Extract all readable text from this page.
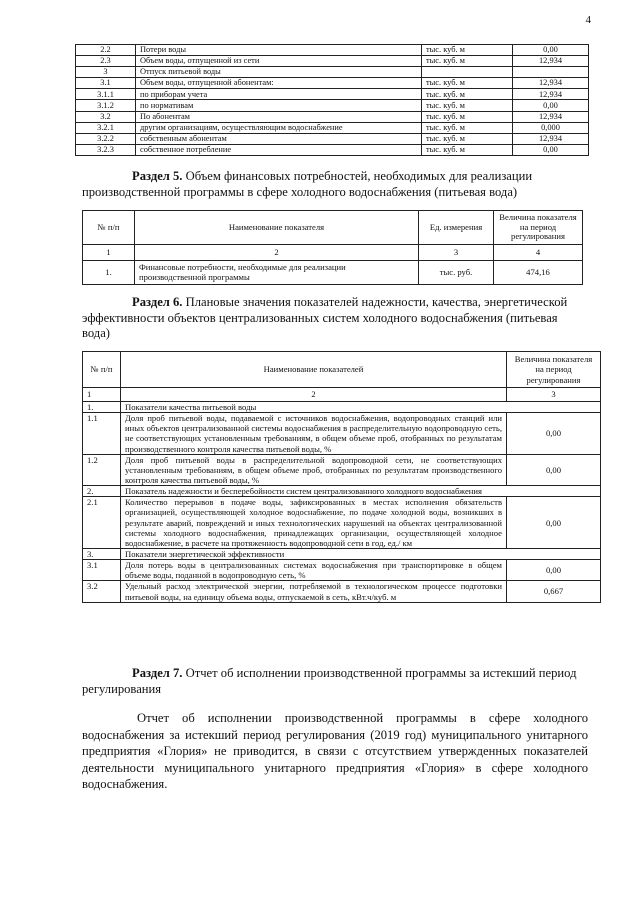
4
2.2	Потери воды	тыс. куб. м	0,00
2.3	Объем воды, отпущенной из сети	тыс. куб. м	12,934
3	Отпуск питьевой воды		
3.1	Объем воды, отпущенной абонентам:	тыс. куб. м	12,934
3.1.1	по приборам учета	тыс. куб. м	12,934
3.1.2	по нормативам	тыс. куб. м	0,00
3.2	По абонентам	тыс. куб. м	12,934
3.2.1	другим организациям, осуществляющим водоснабжение	тыс. куб. м	0,000
3.2.2	собственным абонентам	тыс. куб. м	12,934
3.2.3	собственное потребление	тыс. куб. м	0,00
Раздел 5. Объем финансовых потребностей, необходимых для реализации производственной программы в сфере холодного водоснабжения (питьевая вода)
№ п/п	Наименование показателя	Ед. измерения	Величина показателя на период регулирования
1	2	3	4
1.	Финансовые потребности, необходимые для реализации производственной программы	тыс. руб.	474,16
Раздел 6. Плановые значения показателей надежности, качества, энергетической эффективности объектов централизованных систем холодного водоснабжения (питьевая вода)
№ п/п	Наименование показателей	Величина показателя на период регулирования
1	2	3
1.	Показатели качества питьевой воды	
1.1	Доля проб питьевой воды, подаваемой с источников водоснабжения, водопроводных станций или иных объектов централизованной системы водоснабжения в распределительную водопроводную сеть, не соответствующих установленным требованиям, в общем объеме проб, отобранных по результатам производственного контроля качества питьевой воды, %	0,00
1.2	Доля проб питьевой воды в распределительной водопроводной сети, не соответствующих установленным требованиям, в общем объеме проб, отобранных по результатам производственного контроля качества питьевой воды, %	0,00
2.	Показатель надежности и бесперебойности систем централизованного холодного водоснабжения	
2.1	Количество перерывов в подаче воды, зафиксированных в местах исполнения обязательств организацией, осуществляющей холодное водоснабжение, по подаче холодной воды, возникших в результате аварий, повреждений и иных технологических нарушений на объектах централизованной системы холодного водоснабжения, принадлежащих организации, осуществляющей холодное водоснабжение, в расчете на протяженность водопроводной сети в год, ед./ км	0,00
3.	Показатели энергетической эффективности	
3.1	Доля потерь воды в централизованных системах водоснабжения при транспортировке в общем объеме воды, поданной в водопроводную сеть, %	0,00
3.2	Удельный расход электрической энергии, потребляемой в технологическом процессе подготовки питьевой воды, на единицу объема воды, отпускаемой в сеть, кВт.ч/куб. м	0,667
Раздел 7. Отчет об исполнении производственной программы за истекший период регулирования
Отчет об исполнении производственной программы в сфере холодного водоснабжения за истекший период регулирования (2019 год) муниципального унитарного предприятия «Глория» не приводится, в связи с отсутствием утвержденных показателей деятельности муниципального унитарного предприятия «Глория» в сфере холодного водоснабжения.
